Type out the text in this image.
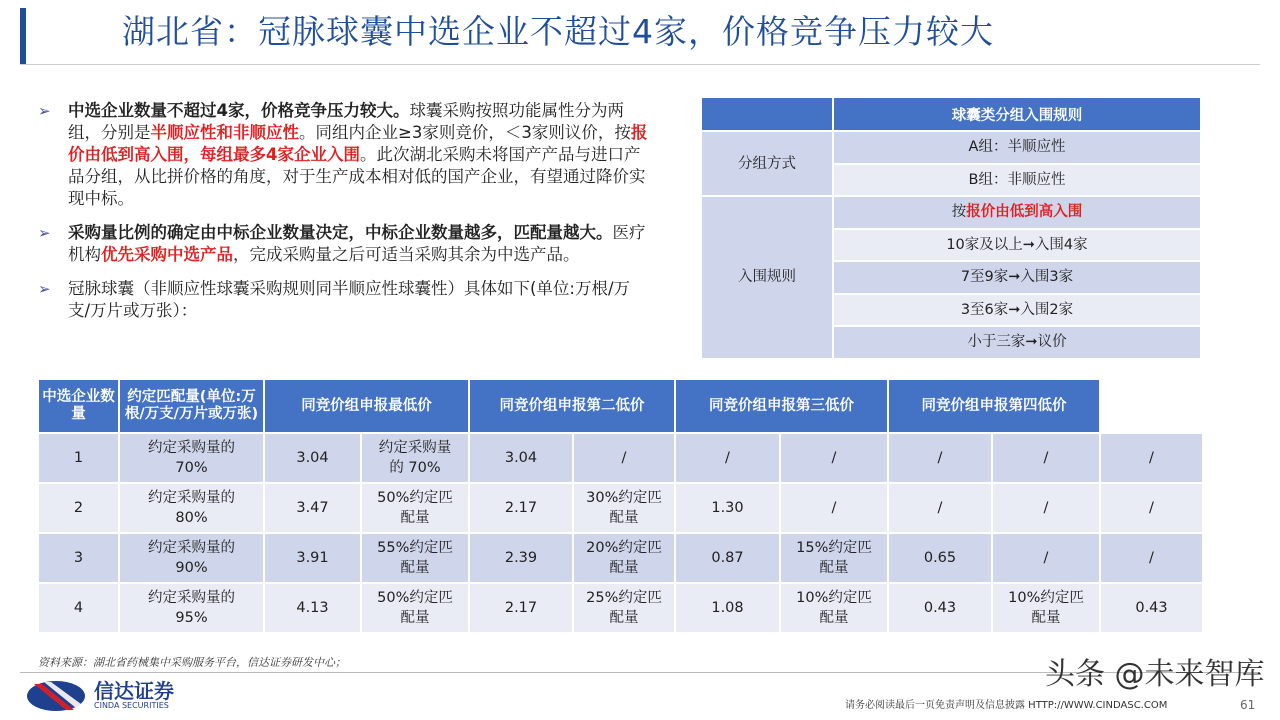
湖北省：冠脉球囊中选企业不超过4家，价格竞争压力较大
➢ 中选企业数量不超过4家，价格竞争压力较大。球囊采购按照功能属性分为两组，分别是半顺应性和非顺应性。同组内企业≥3家则竞价，＜3家则议价，按报价由低到高入围，每组最多4家企业入围。此次湖北采购未将国产产品与进口产品分组，从比拼价格的角度，对于生产成本相对低的国产企业，有望通过降价实现中标。
➢ 采购量比例的确定由中标企业数量决定，中标企业数量越多，匹配量越大。医疗机构优先采购中选产品，完成采购量之后可适当采购其余为中选产品。
➢ 冠脉球囊（非顺应性球囊采购规则同半顺应性球囊性）具体如下(单位:万根/万支/万片或万张）：
	球囊类分组入围规则
分组方式	A组：半顺应性
	B组：非顺应性
入围规则	按报价由低到高入围
	10家及以上➞入围4家
	7至9家➞入围3家
	3至6家➞入围2家
	小于三家➞议价
中选企业数量	约定匹配量(单位:万根/万支/万片或万张)	同竞价组申报最低价		同竞价组申报第二低价		同竞价组申报第三低价		同竞价组申报第四低价		
1	约定采购量的 70%	3.04	约定采购量的 70%	3.04	/	/	/	/	/	/
2	约定采购量的 80%	3.47	50%约定匹配量	2.17	30%约定匹配量	1.30	/	/	/	/
3	约定采购量的 90%	3.91	55%约定匹配量	2.39	20%约定匹配量	0.87	15%约定匹配量	0.65	/	/
4	约定采购量的 95%	4.13	50%约定匹配量	2.17	25%约定匹配量	1.08	10%约定匹配量	0.43	10%约定匹配量	0.43
资料来源：湖北省药械集中采购服务平台，信达证券研发中心；
信达证券
CINDA SECURITIES
头条 @未来智库
请务必阅读最后一页免责声明及信息披露 HTTP://WWW.CINDASC.COM	61
